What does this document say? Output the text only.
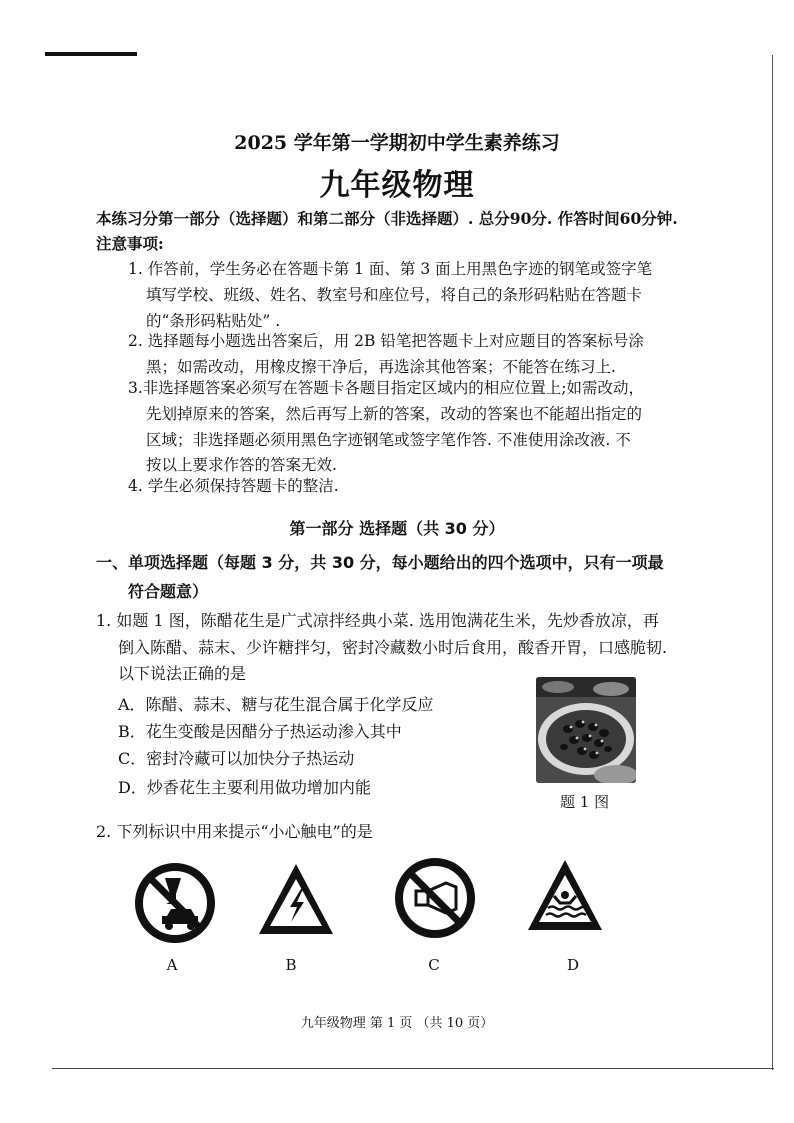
2025 学年第一学期初中学生素养练习
九年级物理
本练习分第一部分（选择题）和第二部分（非选择题）. 总分90分. 作答时间60分钟.
注意事项:
1. 作答前，学生务必在答题卡第 1 面、第 3 面上用黑色字迹的钢笔或签字笔
填写学校、班级、姓名、教室号和座位号，将自己的条形码粘贴在答题卡
的“条形码粘贴处” .
2. 选择题每小题选出答案后，用 2B 铅笔把答题卡上对应题目的答案标号涂
黑；如需改动，用橡皮擦干净后，再选涂其他答案；不能答在练习上.
3.非选择题答案必须写在答题卡各题目指定区域内的相应位置上;如需改动，
先划掉原来的答案，然后再写上新的答案，改动的答案也不能超出指定的
区域；非选择题必须用黑色字迹钢笔或签字笔作答. 不准使用涂改液. 不
按以上要求作答的答案无效.
4. 学生必须保持答题卡的整洁.
第一部分 选择题（共 30 分）
一、单项选择题（每题 3 分，共 30 分，每小题给出的四个选项中，只有一项最
符合题意）
1. 如题 1 图，陈醋花生是广式凉拌经典小菜. 选用饱满花生米，先炒香放凉，再
倒入陈醋、蒜末、少许糖拌匀，密封冷藏数小时后食用，酸香开胃，口感脆韧.
以下说法正确的是
A．陈醋、蒜末、糖与花生混合属于化学反应
B．花生变酸是因醋分子热运动渗入其中
C．密封冷藏可以加快分子热运动
D．炒香花生主要利用做功增加内能
题 1 图
2. 下列标识中用来提示“小心触电”的是
A	B	C	D
九年级物理 第 1 页 （共 10 页）
